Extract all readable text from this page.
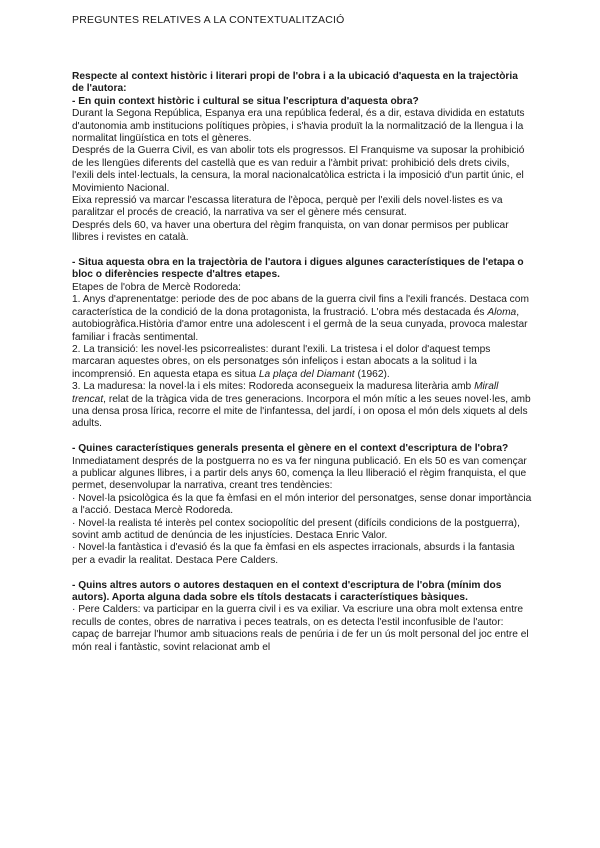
PREGUNTES RELATIVES A LA CONTEXTUALITZACIÓ

Respecte al context històric i literari propi de l'obra i a la ubicació d'aquesta en la trajectòria de l'autora:

- En quin context històric i cultural se situa l'escriptura d'aquesta obra?

Durant la Segona República, Espanya era una república federal, és a dir, estava dividida en estatuts d'autonomia amb institucions polítiques pròpies, i s'havia produït la la normalització de la llengua i la normalitat lingüística en tots el gèneres.

Després de la Guerra Civil, es van abolir tots els progressos. El Franquisme va suposar la prohibició de les llengües diferents del castellà que es van reduir a l'àmbit privat: prohibició dels drets civils, l'exili dels intel·lectuals, la censura, la moral nacionalcatòlica estricta i la imposició d'un partit únic, el Movimiento Nacional.

Eixa repressió va marcar l'escassa literatura de l'època, perquè per l'exili dels novel·listes es va paralitzar el procés de creació, la narrativa va ser el gènere més censurat.

Després dels 60, va haver una obertura del règim franquista, on van donar permisos per publicar llibres i revistes en català.

- Situa aquesta obra en la trajectòria de l'autora i digues algunes característiques de l'etapa o bloc o diferències respecte d'altres etapes.

Etapes de l'obra de Mercè Rodoreda:

1. Anys d'aprenentatge: periode des de poc abans de la guerra civil fins a l'exili francés. Destaca com característica de la condició de la dona protagonista, la frustració. L'obra més destacada és Aloma, autobiogràfica.Història d'amor entre una adolescent i el germà de la seua cunyada, provoca malestar familiar i fracàs sentimental.

2. La transició: les novel·les psicorrealistes: durant l'exili. La tristesa i el dolor d'aquest temps marcaran aquestes obres, on els personatges són infeliços i estan abocats a la solitud i la incomprensió. En aquesta etapa es situa La plaça del Diamant (1962).

3. La maduresa: la novel·la i els mites: Rodoreda aconsegueix la maduresa literària amb Mirall trencat, relat de la tràgica vida de tres generacions. Incorpora el món mític a les seues novel·les, amb una densa prosa lírica, recorre el mite de l'infantessa, del jardí, i on oposa el món dels xiquets al dels adults.

- Quines característiques generals presenta el gènere en el context d'escriptura de l'obra?

Inmediatament després de la postguerra no es va fer ninguna publicació. En els 50 es van començar a publicar algunes llibres, i a partir dels anys 60, comença la lleu lliberació el règim franquista, el que permet, desenvolupar la narrativa, creant tres tendències:

· Novel·la psicològica és la que fa èmfasi en el món interior del personatges, sense donar importància a l'acció. Destaca Mercè Rodoreda.

· Novel·la realista té interès pel contex sociopolític del present (difícils condicions de la postguerra), sovint amb actitud de denúncia de les injustícies. Destaca Enric Valor.

· Novel·la fantàstica i d'evasió és la que fa èmfasi en els aspectes irracionals, absurds i la fantasia per a evadir la realitat. Destaca Pere Calders.

- Quins altres autors o autores destaquen en el context d'escriptura de l'obra (mínim dos autors). Aporta alguna dada sobre els títols destacats i característiques bàsiques.

· Pere Calders: va participar en la guerra civil i es va exiliar. Va escriure una obra molt extensa entre reculls de contes, obres de narrativa i peces teatrals, on es detecta l'estil inconfusible de l'autor: capaç de barrejar l'humor amb situacions reals de penúria i de fer un ús molt personal del joc entre el món real i fantàstic, sovint relacionat amb el
